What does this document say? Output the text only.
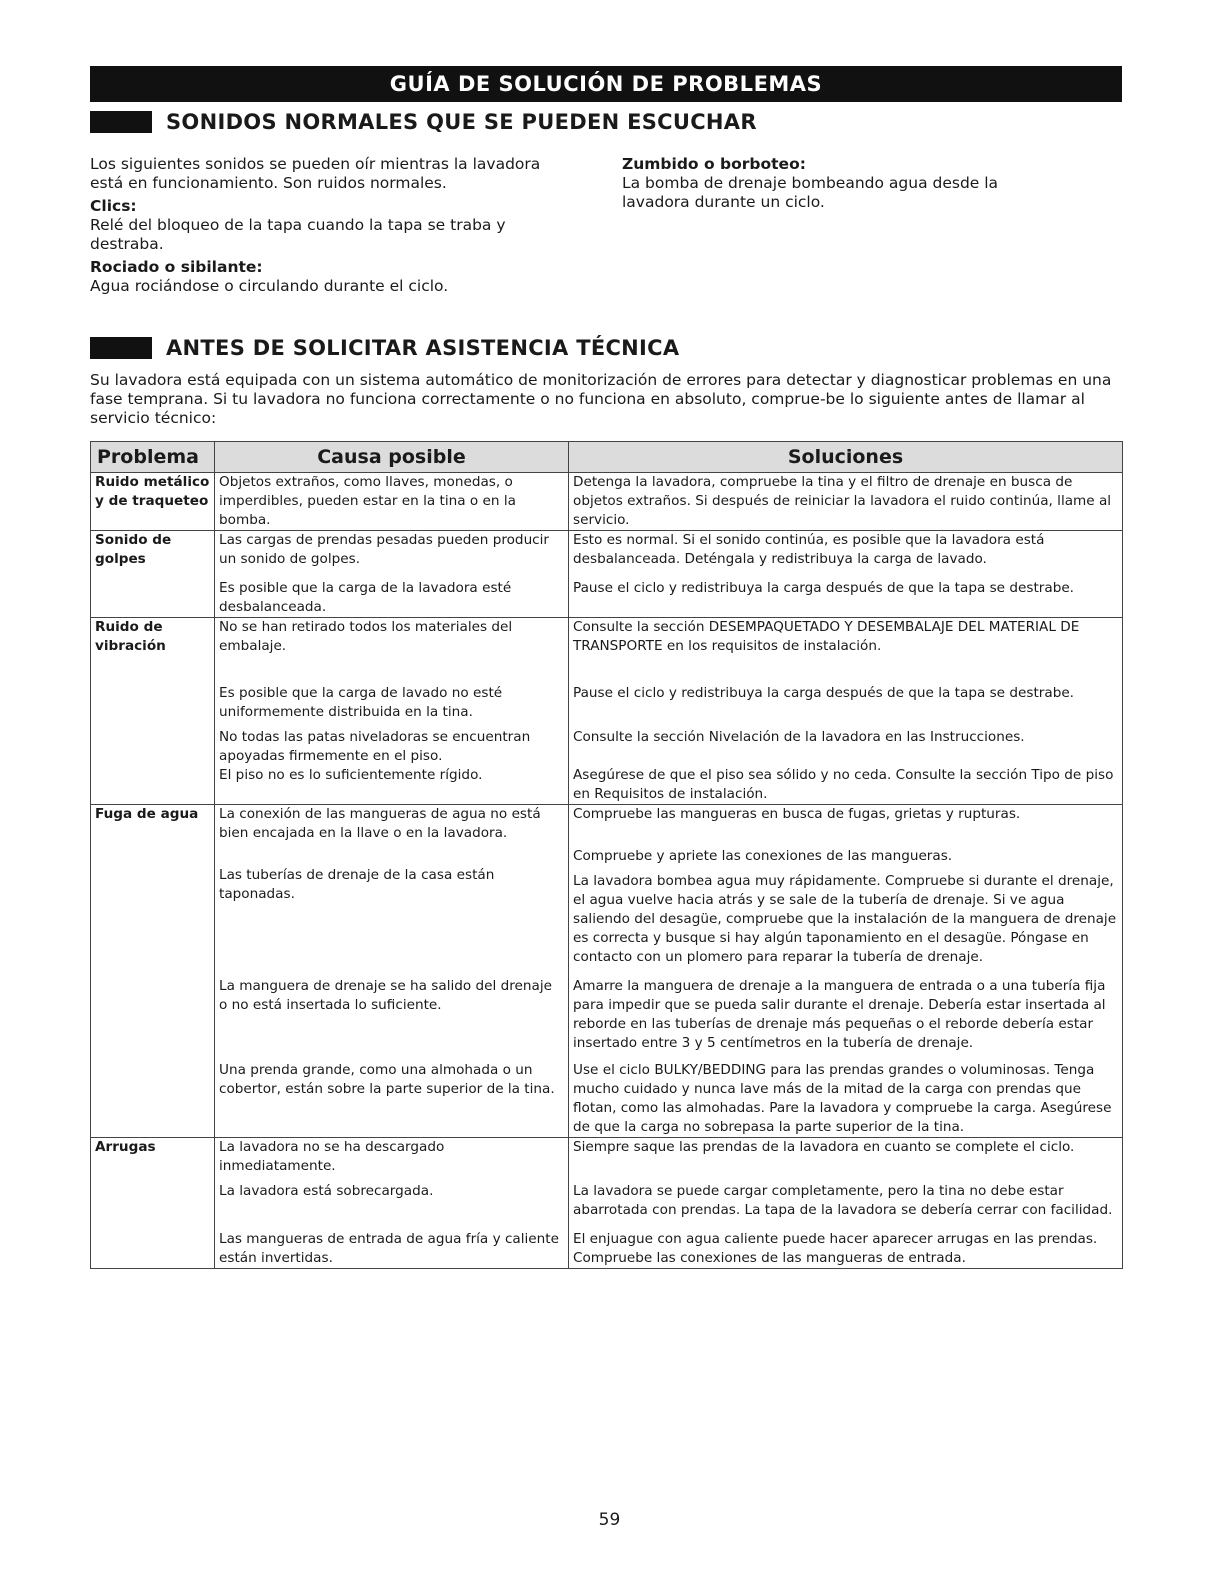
GUÍA DE SOLUCIÓN DE PROBLEMAS
SONIDOS NORMALES QUE SE PUEDEN ESCUCHAR
Los siguientes sonidos se pueden oír mientras la lavadora está en funcionamiento. Son ruidos normales.
Clics:
Relé del bloqueo de la tapa cuando la tapa se traba y destraba.
Rociado o sibilante:
Agua rociándose o circulando durante el ciclo.
Zumbido o borboteo:
La bomba de drenaje bombeando agua desde la lavadora durante un ciclo.
ANTES DE SOLICITAR ASISTENCIA TÉCNICA
Su lavadora está equipada con un sistema automático de monitorización de errores para detectar y diagnosticar problemas en una fase temprana. Si tu lavadora no funciona correctamente o no funciona en absoluto, comprue-be lo siguiente antes de llamar al servicio técnico:
Problema	Causa posible	Soluciones
Ruido metálico y de traqueteo	Objetos extraños, como llaves, monedas, o imperdibles, pueden estar en la tina o en la bomba.	Detenga la lavadora, compruebe la tina y el filtro de drenaje en busca de objetos extraños. Si después de reiniciar la lavadora el ruido continúa, llame al servicio.
Sonido de golpes	Las cargas de prendas pesadas pueden producir un sonido de golpes.	Esto es normal. Si el sonido continúa, es posible que la lavadora está desbalanceada. Deténgala y redistribuya la carga de lavado.
	Es posible que la carga de la lavadora esté desbalanceada.	Pause el ciclo y redistribuya la carga después de que la tapa se destrabe.
Ruido de vibración	No se han retirado todos los materiales del embalaje.	Consulte la sección DESEMPAQUETADO Y DESEMBALAJE DEL MATERIAL DE TRANSPORTE en los requisitos de instalación.
	Es posible que la carga de lavado no esté uniformemente distribuida en la tina.	Pause el ciclo y redistribuya la carga después de que la tapa se destrabe.
	No todas las patas niveladoras se encuentran apoyadas firmemente en el piso.	Consulte la sección Nivelación de la lavadora en las Instrucciones.
	El piso no es lo suficientemente rígido.	Asegúrese de que el piso sea sólido y no ceda. Consulte la sección Tipo de piso en Requisitos de instalación.
Fuga de agua	La conexión de las mangueras de agua no está bien encajada en la llave o en la lavadora.	Compruebe las mangueras en busca de fugas, grietas y rupturas.
		Compruebe y apriete las conexiones de las mangueras.
	Las tuberías de drenaje de la casa están taponadas.	La lavadora bombea agua muy rápidamente. Compruebe si durante el drenaje, el agua vuelve hacia atrás y se sale de la tubería de drenaje. Si ve agua saliendo del desagüe, compruebe que la instalación de la manguera de drenaje es correcta y busque si hay algún taponamiento en el desagüe. Póngase en contacto con un plomero para reparar la tubería de drenaje.
	La manguera de drenaje se ha salido del drenaje o no está insertada lo suficiente.	Amarre la manguera de drenaje a la manguera de entrada o a una tubería fija para impedir que se pueda salir durante el drenaje. Debería estar insertada al reborde en las tuberías de drenaje más pequeñas o el reborde debería estar insertado entre 3 y 5 centímetros en la tubería de drenaje.
	Una prenda grande, como una almohada o un cobertor, están sobre la parte superior de la tina.	Use el ciclo BULKY/BEDDING para las prendas grandes o voluminosas. Tenga mucho cuidado y nunca lave más de la mitad de la carga con prendas que flotan, como las almohadas. Pare la lavadora y compruebe la carga. Asegúrese de que la carga no sobrepasa la parte superior de la tina.
Arrugas	La lavadora no se ha descargado inmediatamente.	Siempre saque las prendas de la lavadora en cuanto se complete el ciclo.
	La lavadora está sobrecargada.	La lavadora se puede cargar completamente, pero la tina no debe estar abarrotada con prendas. La tapa de la lavadora se debería cerrar con facilidad.
	Las mangueras de entrada de agua fría y caliente están invertidas.	El enjuague con agua caliente puede hacer aparecer arrugas en las prendas. Compruebe las conexiones de las mangueras de entrada.
59
